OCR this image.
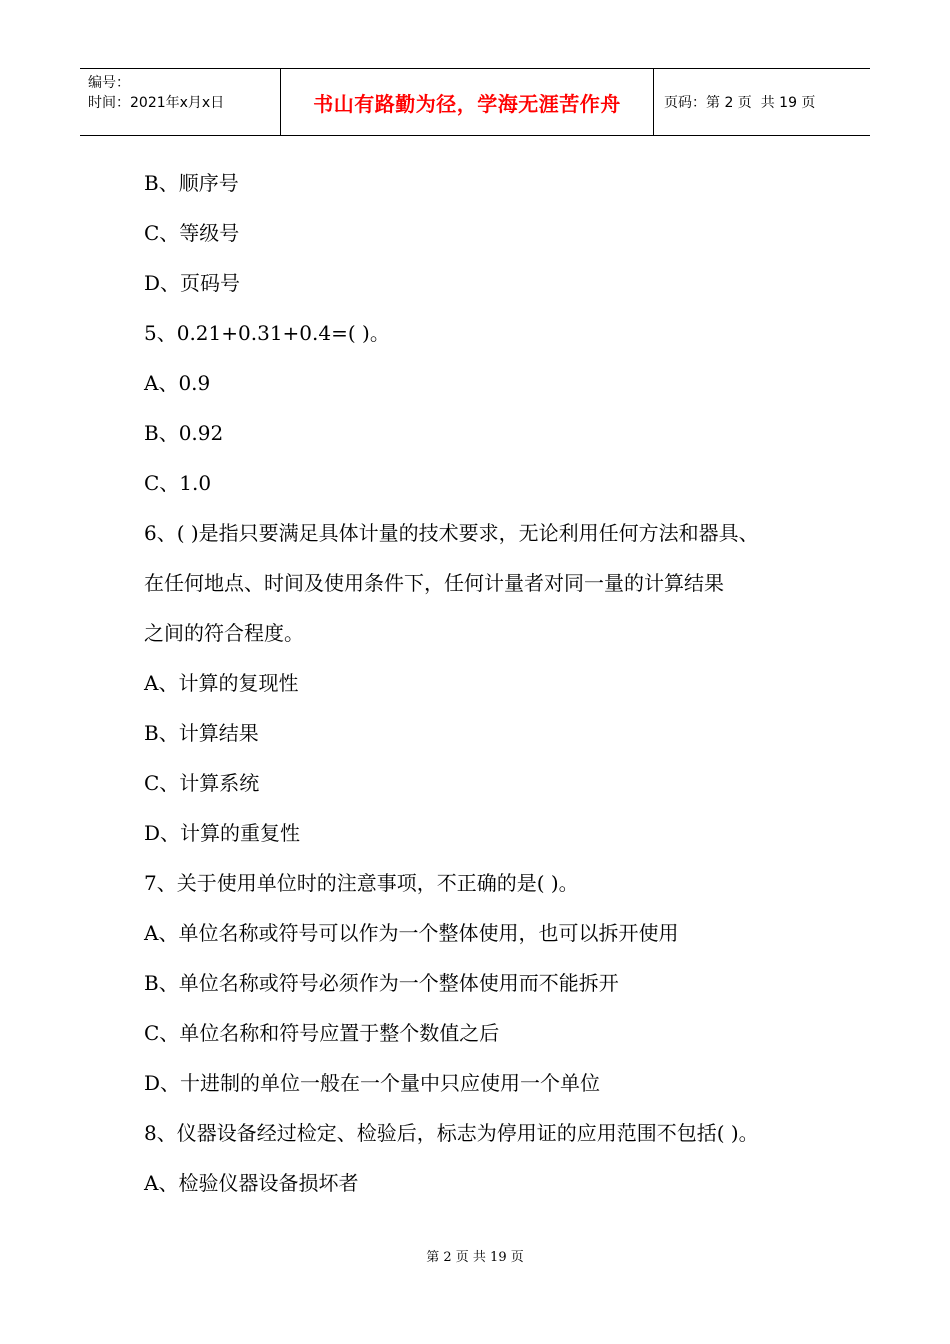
编号：
时间：2021年x月x日	书山有路勤为径，学海无涯苦作舟	页码：第 2 页  共 19 页
B、顺序号
C、等级号
D、页码号
5、0.21+0.31+0.4=( )。
A、0.9
B、0.92
C、1.0
6、( )是指只要满足具体计量的技术要求，无论利用任何方法和器具、
在任何地点、时间及使用条件下，任何计量者对同一量的计算结果
之间的符合程度。
A、计算的复现性
B、计算结果
C、计算系统
D、计算的重复性
7、关于使用单位时的注意事项，不正确的是( )。
A、单位名称或符号可以作为一个整体使用，也可以拆开使用
B、单位名称或符号必须作为一个整体使用而不能拆开
C、单位名称和符号应置于整个数值之后
D、十进制的单位一般在一个量中只应使用一个单位
8、仪器设备经过检定、检验后，标志为停用证的应用范围不包括( )。
A、检验仪器设备损坏者
第 2 页 共 19 页
